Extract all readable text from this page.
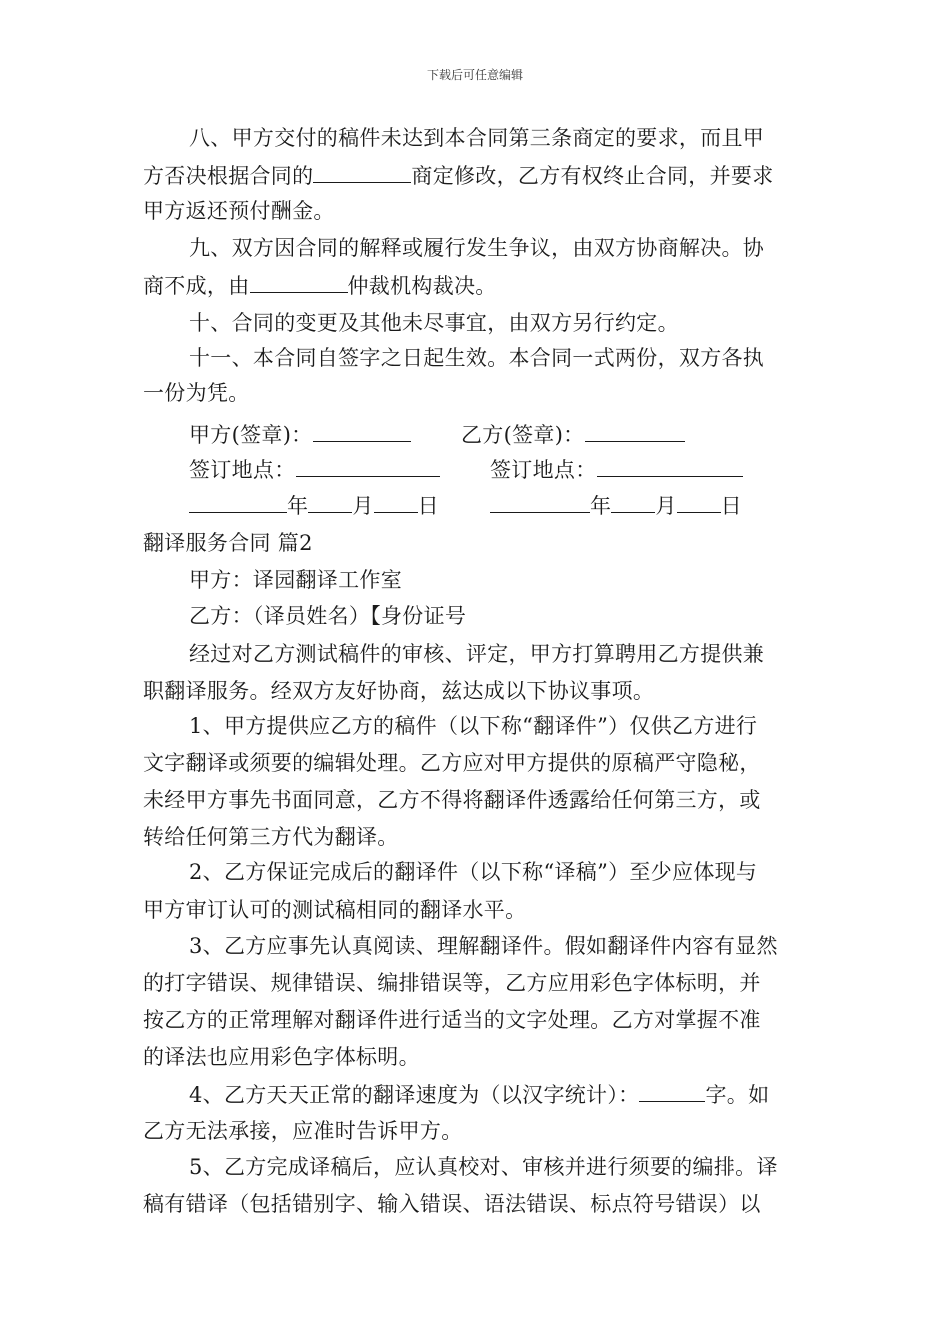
下载后可任意编辑
八、甲方交付的稿件未达到本合同第三条商定的要求，而且甲
方否决根据合同的	商定修改，乙方有权终止合同，并要求
甲方返还预付酬金。
九、双方因合同的解释或履行发生争议，由双方协商解决。协
商不成，由	仲裁机构裁决。
十、合同的变更及其他未尽事宜，由双方另行约定。
十一、本合同自签字之日起生效。本合同一式两份，双方各执
一份为凭。
甲方(签章)：	乙方(签章)：
签订地点：	签订地点：
年 月 日	年 月 日
翻译服务合同 篇2
甲方：译园翻译工作室
乙方：（译员姓名）【身份证号
经过对乙方测试稿件的审核、评定，甲方打算聘用乙方提供兼
职翻译服务。经双方友好协商，兹达成以下协议事项。
1、甲方提供应乙方的稿件（以下称“翻译件”）仅供乙方进行
文字翻译或须要的编辑处理。乙方应对甲方提供的原稿严守隐秘，
未经甲方事先书面同意，乙方不得将翻译件透露给任何第三方，或
转给任何第三方代为翻译。
2、乙方保证完成后的翻译件（以下称“译稿”）至少应体现与
甲方审订认可的测试稿相同的翻译水平。
3、乙方应事先认真阅读、理解翻译件。假如翻译件内容有显然
的打字错误、规律错误、编排错误等，乙方应用彩色字体标明，并
按乙方的正常理解对翻译件进行适当的文字处理。乙方对掌握不准
的译法也应用彩色字体标明。
4、乙方天天正常的翻译速度为（以汉字统计）：	字。如
乙方无法承接，应准时告诉甲方。
5、乙方完成译稿后，应认真校对、审核并进行须要的编排。译
稿有错译（包括错别字、输入错误、语法错误、标点符号错误）以
